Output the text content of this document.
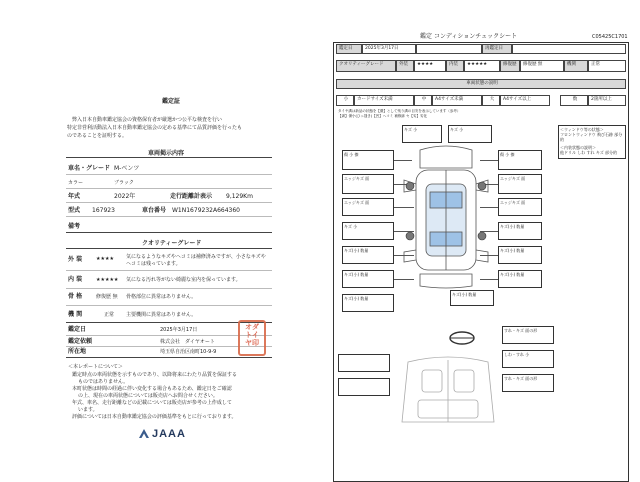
鑑定証
弊入日本自動車鑑定協会の資格保有者が厳選かつ公平な検査を行い
特定非営利活動法入日本自動車鑑定協会の定める基準にて品質評価を行ったも
のであることを証明する。
車両掲示内容
車名・グレード M-ベンツ
カラー	ブラック
年式	2022年	走行距離計表示 9,129Km
型式 167923	車台番号 W1N1679232A664360
備考
クオリティーグレード
外 装	★★★★ 気になるようなキズやヘコミは補修済みですが、小さなキズや
ヘコミは残っています。
内 装	★★★★★ 気になる汚れ等がない綺麗な室内を保っています。
骨 格	修復歴 無 骨格部位に異常はありません。
機 関	正常 主要機関に異常はありません。
鑑定日	2025年3月17日
鑑定依頼	株式会社　ダイヤオート
所在地	埼玉県自治区南町10-9-9
オダ
トイ
ヤ印
＜本レポートについて＞
鑑定時点の車両状態を示すものであり、以降将来にわたり品質を保証する
ものではありません。
本町状態は時間の経過に伴い変化する場合もあるため、鑑定日をご確認
の上、現在の車両状態については販売店へお問合せください。
年式、車名、走行距離などの記載については販売店が参考の上作成して
います。
評価については日本自動車鑑定協会の評価基準をもとに行っております。
JAAA
鑑定 コンディションチェックシート	C05425C1701
鑑定日	2025年3月17日	再鑑定日
クオリティーグレード	外装	★★★★	内装	★★★★★	修復歴	修復歴 無	機関	正常
車両状態の説明
小	カードサイズ未満	中	A4サイズ未満	大	A4サイズ以上	数	2箇所以上
タイヤ溝は新品の状態を【優】として残り溝の目安を表示しています（参考）
【剥】傷小(ひっ掻き)【凹】ヘコミ 補修跡 セ【劣】劣化
キズ 小	キズ 小
傷 小 擦	傷 小 擦
エッジキズ 面	エッジキズ 面
エッジキズ 面	エッジキズ 面
キズ 小	キズ(小) 数量
キズ(小) 数量	キズ(小) 数量
キズ(小) 数量	キズ(小) 数量
キズ(小) 数量
キズ(小) 数量
すれ・キズ 面の形
しわ・すれ 小
すれ・キズ 面の形
＜ウィンドウ等の状態＞
フロントウィンドウ 飛び石跡 部分的
＜内装状態の説明＞
他ドリル しわ すれ キズ 部分的
